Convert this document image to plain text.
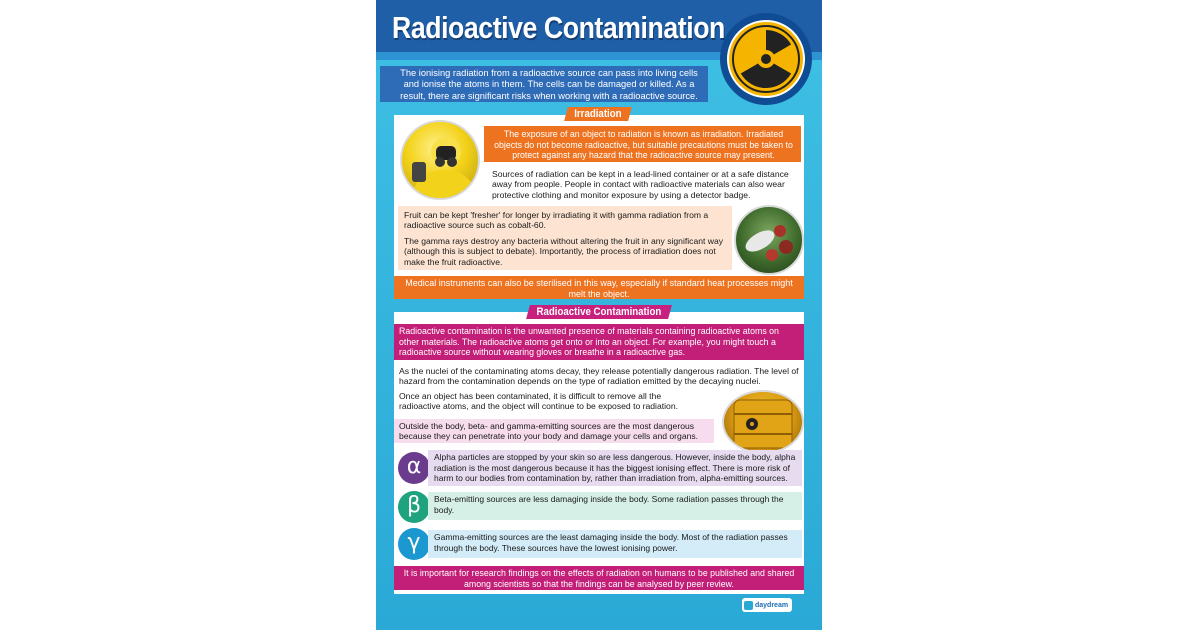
Radioactive Contamination
The ionising radiation from a radioactive source can pass into living cells and ionise the atoms in them. The cells can be damaged or killed. As a result, there are significant risks when working with a radioactive source.
Irradiation
The exposure of an object to radiation is known as irradiation. Irradiated objects do not become radioactive, but suitable precautions must be taken to protect against any hazard that the radioactive source may present.

Sources of radiation can be kept in a lead-lined container or at a safe distance away from people. People in contact with radioactive materials can also wear protective clothing and monitor exposure by using a detector badge.

Fruit can be kept 'fresher' for longer by irradiating it with gamma radiation from a radioactive source such as cobalt-60.

The gamma rays destroy any bacteria without altering the fruit in any significant way (although this is subject to debate). Importantly, the process of irradiation does not make the fruit radioactive.

Medical instruments can also be sterilised in this way, especially if standard heat processes might melt the object.
Radioactive Contamination
Radioactive contamination is the unwanted presence of materials containing radioactive atoms on other materials. The radioactive atoms get onto or into an object. For example, you might touch a radioactive source without wearing gloves or breathe in a radioactive gas.

As the nuclei of the contaminating atoms decay, they release potentially dangerous radiation. The level of hazard from the contamination depends on the type of radiation emitted by the decaying nuclei.

Once an object has been contaminated, it is difficult to remove all the radioactive atoms, and the object will continue to be exposed to radiation.

Outside the body, beta- and gamma-emitting sources are the most dangerous because they can penetrate into your body and damage your cells and organs.

α	Alpha particles are stopped by your skin so are less dangerous. However, inside the body, alpha radiation is the most dangerous because it has the biggest ionising effect. There is more risk of harm to our bodies from contamination by, rather than irradiation from, alpha-emitting sources.
β	Beta-emitting sources are less damaging inside the body. Some radiation passes through the body.
γ	Gamma-emitting sources are the least damaging inside the body. Most of the radiation passes through the body. These sources have the lowest ionising power.
It is important for research findings on the effects of radiation on humans to be published and shared among scientists so that the findings can be analysed by peer review.
daydream
